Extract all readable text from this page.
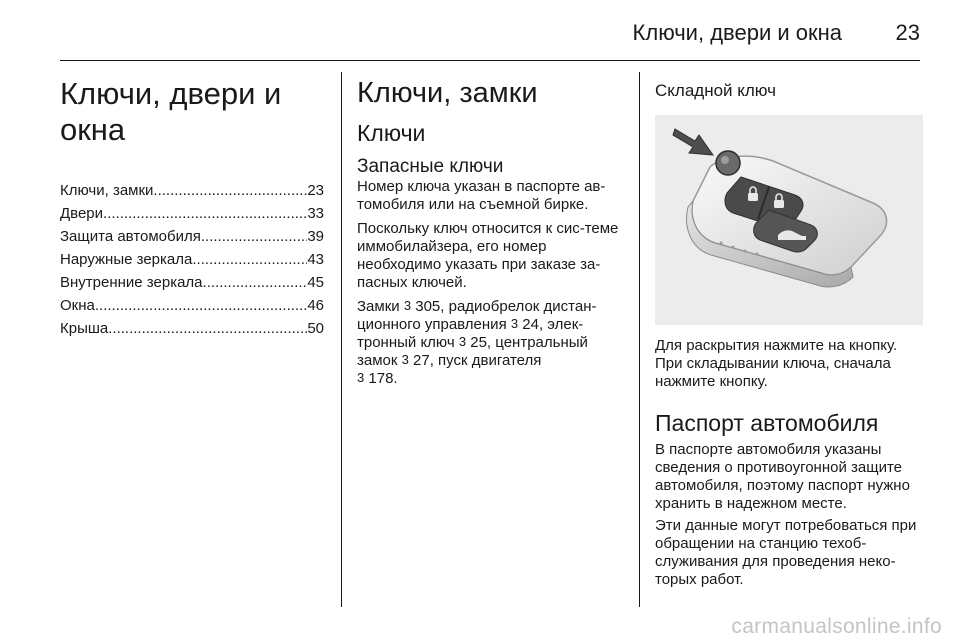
Ключи, двери и окна 23
Ключи, двери и окна
Ключи, замки .....	23
Двери .....	33
Защита автомобиля .....	39
Наружные зеркала .....	43
Внутренние зеркала .....	45
Окна .....	46
Крыша .....	50
Ключи, замки
Ключи
Запасные ключи

Номер ключа указан в паспорте ав-томобиля или на съемной бирке.

Поскольку ключ относится к сис-теме иммобилайзера, его номер необходимо указать при заказе за-пасных ключей.

Замки 3 305, радиобрелок дистан-ционного управления 3 24, элек-тронный ключ 3 25, центральный замок 3 27, пуск двигателя
3 178.

Складной ключ

Для раскрытия нажмите на кнопку. При складывании ключа, сначала нажмите кнопку.

Паспорт автомобиля

В паспорте автомобиля указаны сведения о противоугонной защите автомобиля, поэтому паспорт нужно хранить в надежном месте.

Эти данные могут потребоваться при обращении на станцию техоб-служивания для проведения неко-торых работ.

carmanualsonline.info
